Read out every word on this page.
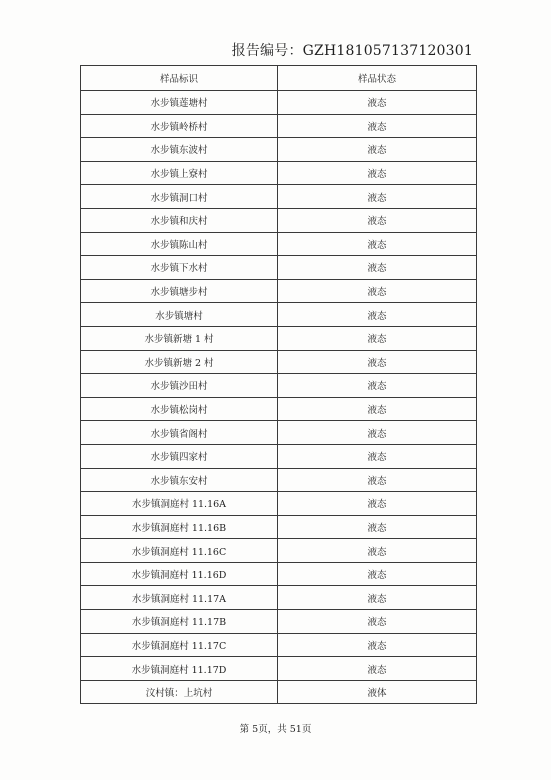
报告编号：GZH181057137120301
样品标识	样品状态
水步镇莲塘村	液态
水步镇岭桥村	液态
水步镇东波村	液态
水步镇上寮村	液态
水步镇洞口村	液态
水步镇和庆村	液态
水步镇陈山村	液态
水步镇下水村	液态
水步镇塘步村	液态
水步镇塘村	液态
水步镇新塘 1 村	液态
水步镇新塘 2 村	液态
水步镇沙田村	液态
水步镇松岗村	液态
水步镇省阁村	液态
水步镇四家村	液态
水步镇东安村	液态
水步镇洞庭村 11.16A	液态
水步镇洞庭村 11.16B	液态
水步镇洞庭村 11.16C	液态
水步镇洞庭村 11.16D	液态
水步镇洞庭村 11.17A	液态
水步镇洞庭村 11.17B	液态
水步镇洞庭村 11.17C	液态
水步镇洞庭村 11.17D	液态
汶村镇：上坑村	液体
第 5页，共 51页
